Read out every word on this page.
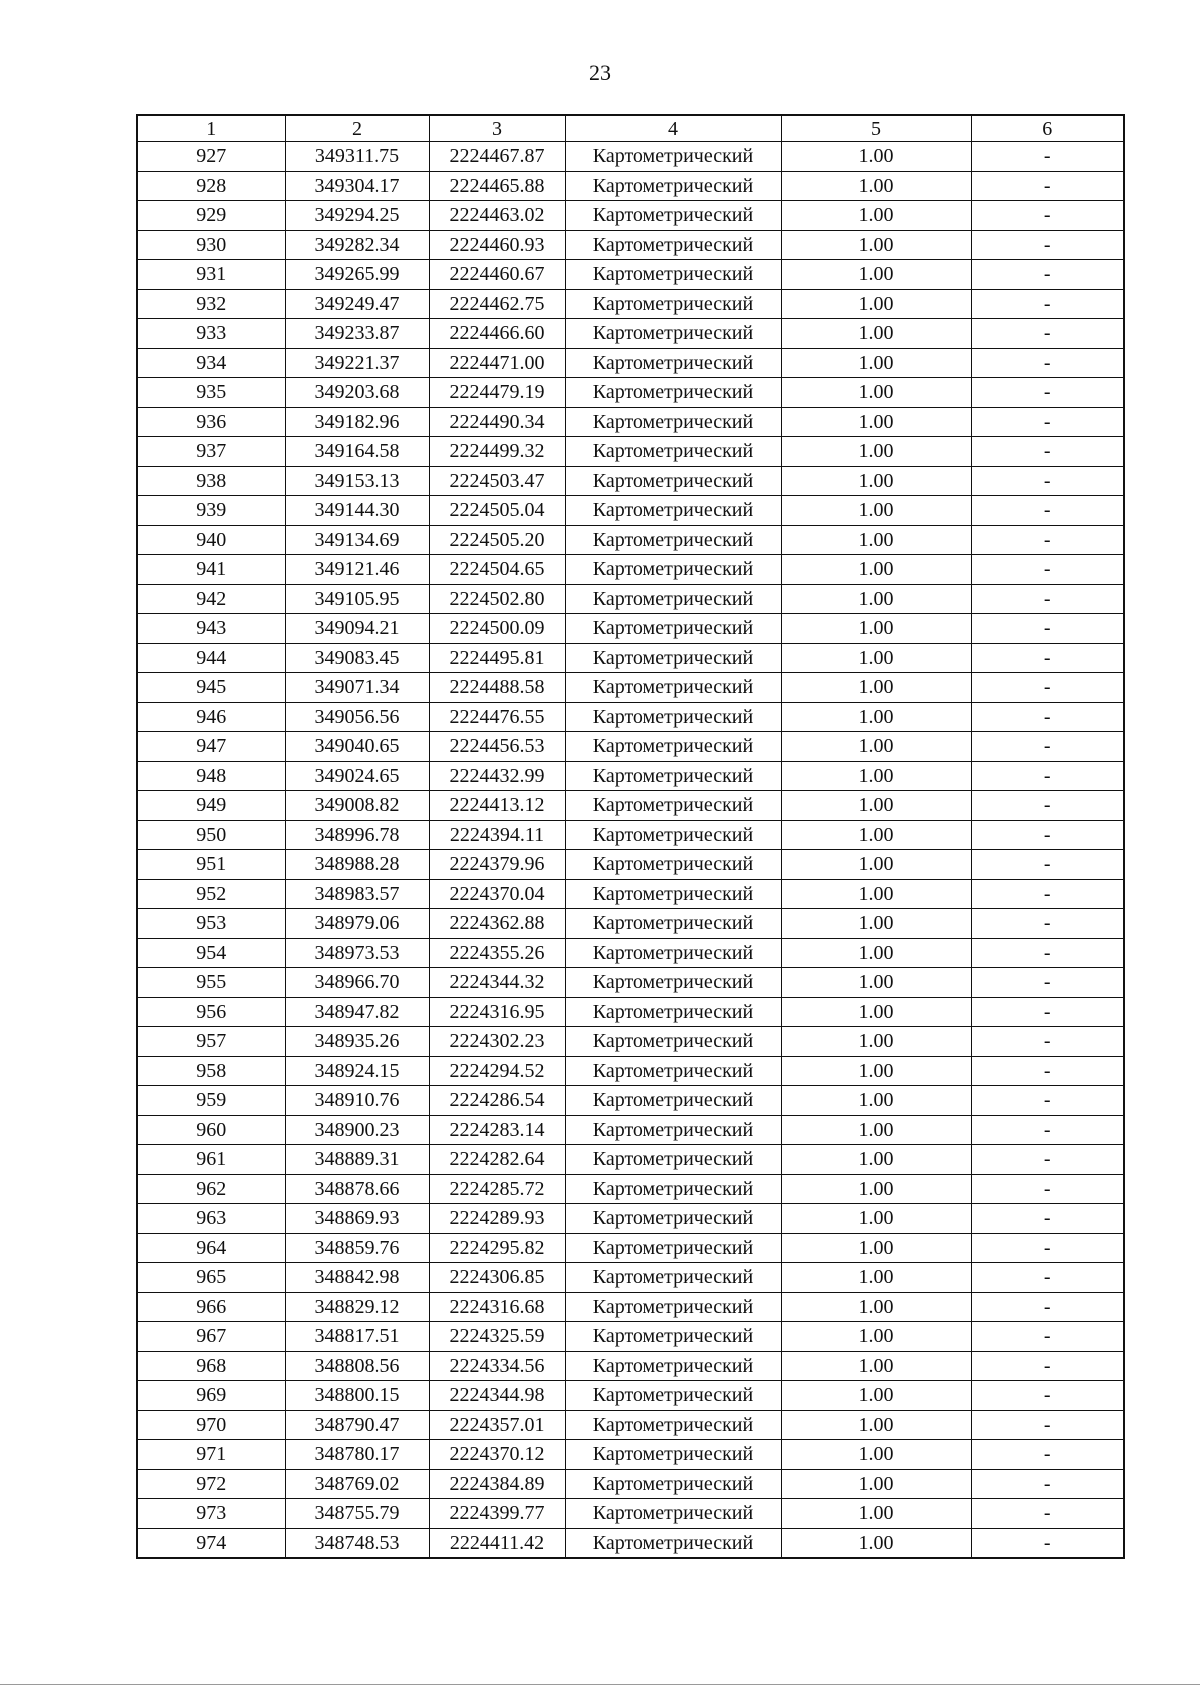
23
1	2	3	4	5	6
927	349311.75	2224467.87	Картометрический	1.00	-
928	349304.17	2224465.88	Картометрический	1.00	-
929	349294.25	2224463.02	Картометрический	1.00	-
930	349282.34	2224460.93	Картометрический	1.00	-
931	349265.99	2224460.67	Картометрический	1.00	-
932	349249.47	2224462.75	Картометрический	1.00	-
933	349233.87	2224466.60	Картометрический	1.00	-
934	349221.37	2224471.00	Картометрический	1.00	-
935	349203.68	2224479.19	Картометрический	1.00	-
936	349182.96	2224490.34	Картометрический	1.00	-
937	349164.58	2224499.32	Картометрический	1.00	-
938	349153.13	2224503.47	Картометрический	1.00	-
939	349144.30	2224505.04	Картометрический	1.00	-
940	349134.69	2224505.20	Картометрический	1.00	-
941	349121.46	2224504.65	Картометрический	1.00	-
942	349105.95	2224502.80	Картометрический	1.00	-
943	349094.21	2224500.09	Картометрический	1.00	-
944	349083.45	2224495.81	Картометрический	1.00	-
945	349071.34	2224488.58	Картометрический	1.00	-
946	349056.56	2224476.55	Картометрический	1.00	-
947	349040.65	2224456.53	Картометрический	1.00	-
948	349024.65	2224432.99	Картометрический	1.00	-
949	349008.82	2224413.12	Картометрический	1.00	-
950	348996.78	2224394.11	Картометрический	1.00	-
951	348988.28	2224379.96	Картометрический	1.00	-
952	348983.57	2224370.04	Картометрический	1.00	-
953	348979.06	2224362.88	Картометрический	1.00	-
954	348973.53	2224355.26	Картометрический	1.00	-
955	348966.70	2224344.32	Картометрический	1.00	-
956	348947.82	2224316.95	Картометрический	1.00	-
957	348935.26	2224302.23	Картометрический	1.00	-
958	348924.15	2224294.52	Картометрический	1.00	-
959	348910.76	2224286.54	Картометрический	1.00	-
960	348900.23	2224283.14	Картометрический	1.00	-
961	348889.31	2224282.64	Картометрический	1.00	-
962	348878.66	2224285.72	Картометрический	1.00	-
963	348869.93	2224289.93	Картометрический	1.00	-
964	348859.76	2224295.82	Картометрический	1.00	-
965	348842.98	2224306.85	Картометрический	1.00	-
966	348829.12	2224316.68	Картометрический	1.00	-
967	348817.51	2224325.59	Картометрический	1.00	-
968	348808.56	2224334.56	Картометрический	1.00	-
969	348800.15	2224344.98	Картометрический	1.00	-
970	348790.47	2224357.01	Картометрический	1.00	-
971	348780.17	2224370.12	Картометрический	1.00	-
972	348769.02	2224384.89	Картометрический	1.00	-
973	348755.79	2224399.77	Картометрический	1.00	-
974	348748.53	2224411.42	Картометрический	1.00	-
